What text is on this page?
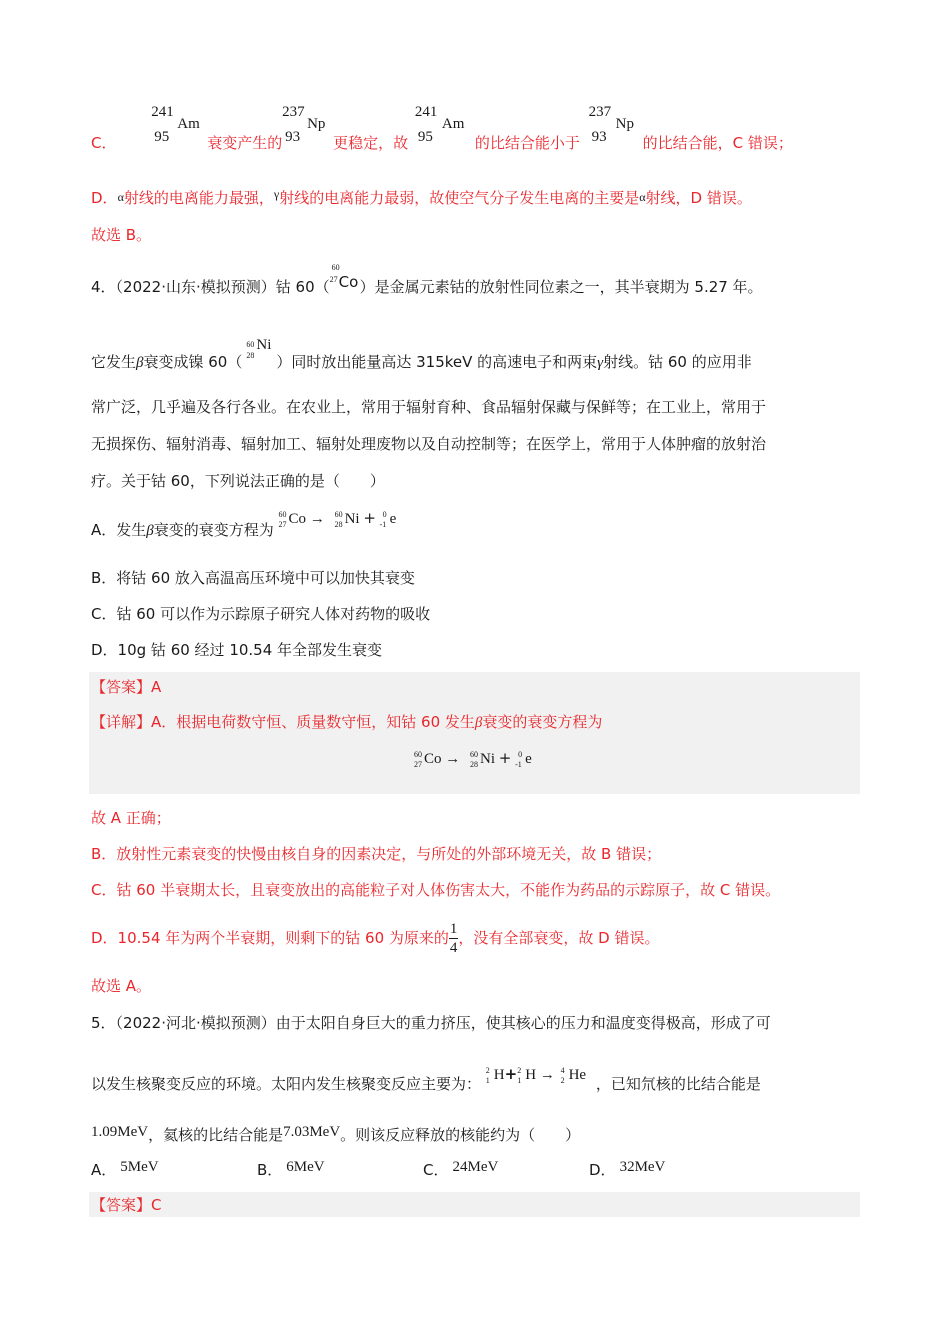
C．
241
95
Am
衰变产生的
237
93
Np
更稳定，故
241
95
Am
的比结合能小于
237
93
Np
的比结合能，C 错误；
D．α射线的电离能力最强，$^\gamma$射线的电离能力最弱，故使空气分子发生电离的主要是α射线，D 错误。
故选 B。
4．（2022·山东·模拟预测）钴 60（
60
27 Co ）是金属元素钴的放射性同位素之一，其半衰期为 5.27 年。
它发生β衰变成镍 60（
60
28
Ni
）同时放出能量高达 315keV 的高速电子和两束γ射线。钴 60 的应用非
常广泛，几乎遍及各行各业。在农业上，常用于辐射育种、食品辐射保藏与保鲜等；在工业上，常用于
无损探伤、辐射消毒、辐射加工、辐射处理废物以及自动控制等；在医学上，常用于人体肿瘤的放射治
疗。关于钴 60，下列说法正确的是（　　）
A．发生β衰变的衰变方程为
60
27 Co → 60
28 Ni + 0
-1 e
B．将钴 60 放入高温高压环境中可以加快其衰变
C．钴 60 可以作为示踪原子研究人体对药物的吸收
D．10g 钴 60 经过 10.54 年全部发生衰变
【答案】A
【详解】A．根据电荷数守恒、质量数守恒，知钴 60 发生β衰变的衰变方程为
60
27 Co → 60
28 Ni + 0
-1 e
故 A 正确；
B．放射性元素衰变的快慢由核自身的因素决定，与所处的外部环境无关，故 B 错误；
C．钴 60 半衰期太长，且衰变放出的高能粒子对人体伤害太大，不能作为药品的示踪原子，故 C 错误。
D．10.54 年为两个半衰期，则剩下的钴 60 为原来的 $\frac{1}{4}$ ，没有全部衰变，故 D 错误。
故选 A。
5．（2022·河北·模拟预测）由于太阳自身巨大的重力挤压，使其核心的压力和温度变得极高，形成了可
以发生核聚变反应的环境。太阳内发生核聚变反应主要为：
2
1 H+ 2
1 H → 4
2 He ，已知氘核的比结合能是
1.09MeV，氦核的比结合能是7.03MeV。则该反应释放的核能约为（　　）
A． 5MeV	B． 6MeV	C． 24MeV	D． 32MeV
【答案】C
